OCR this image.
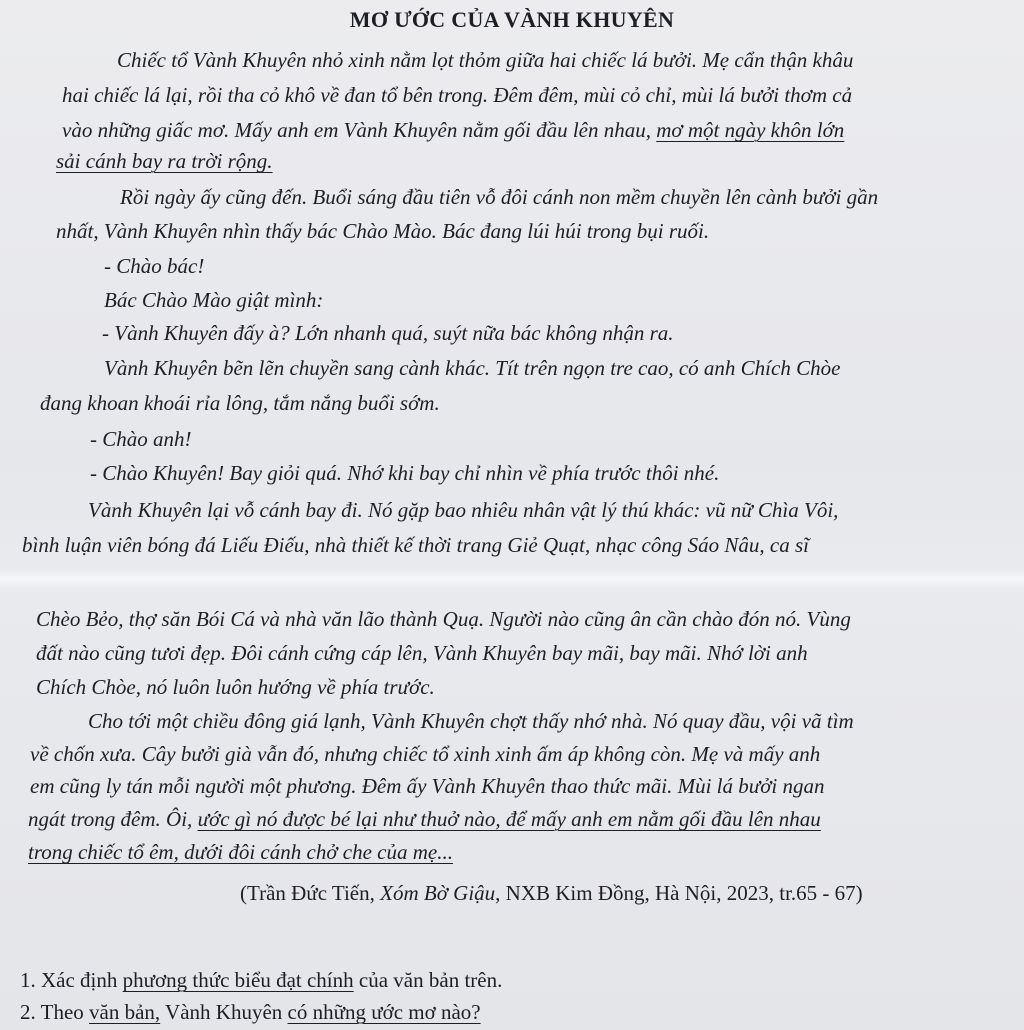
MƠ ƯỚC CỦA VÀNH KHUYÊN
Chiếc tổ Vành Khuyên nhỏ xinh nằm lọt thỏm giữa hai chiếc lá bưởi. Mẹ cẩn thận khâu
hai chiếc lá lại, rồi tha cỏ khô về đan tổ bên trong. Đêm đêm, mùi cỏ chỉ, mùi lá bưởi thơm cả
vào những giấc mơ. Mấy anh em Vành Khuyên nằm gối đầu lên nhau, mơ một ngày khôn lớn
sải cánh bay ra trời rộng.
Rồi ngày ấy cũng đến. Buổi sáng đầu tiên vỗ đôi cánh non mềm chuyền lên cành bưởi gần
nhất, Vành Khuyên nhìn thấy bác Chào Mào. Bác đang lúi húi trong bụi ruối.
- Chào bác!
Bác Chào Mào giật mình:
- Vành Khuyên đấy à? Lớn nhanh quá, suýt nữa bác không nhận ra.
Vành Khuyên bẽn lẽn chuyền sang cành khác. Tít trên ngọn tre cao, có anh Chích Chòe
đang khoan khoái rỉa lông, tắm nắng buổi sớm.
- Chào anh!
- Chào Khuyên! Bay giỏi quá. Nhớ khi bay chỉ nhìn về phía trước thôi nhé.
Vành Khuyên lại vỗ cánh bay đi. Nó gặp bao nhiêu nhân vật lý thú khác: vũ nữ Chìa Vôi,
bình luận viên bóng đá Liếu Điếu, nhà thiết kế thời trang Giẻ Quạt, nhạc công Sáo Nâu, ca sĩ
Chèo Bẻo, thợ săn Bói Cá và nhà văn lão thành Quạ. Người nào cũng ân cần chào đón nó. Vùng
đất nào cũng tươi đẹp. Đôi cánh cứng cáp lên, Vành Khuyên bay mãi, bay mãi. Nhớ lời anh
Chích Chòe, nó luôn luôn hướng về phía trước.
Cho tới một chiều đông giá lạnh, Vành Khuyên chợt thấy nhớ nhà. Nó quay đầu, vội vã tìm
về chốn xưa. Cây bưởi già vẫn đó, nhưng chiếc tổ xinh xinh ấm áp không còn. Mẹ và mấy anh
em cũng ly tán mỗi người một phương. Đêm ấy Vành Khuyên thao thức mãi. Mùi lá bưởi ngan
ngát trong đêm. Ôi, ước gì nó được bé lại như thuở nào, để mấy anh em nằm gối đầu lên nhau
trong chiếc tổ êm, dưới đôi cánh chở che của mẹ...
(Trần Đức Tiến, Xóm Bờ Giậu, NXB Kim Đồng, Hà Nội, 2023, tr.65 - 67)
1. Xác định phương thức biểu đạt chính của văn bản trên.
2. Theo văn bản, Vành Khuyên có những ước mơ nào?
